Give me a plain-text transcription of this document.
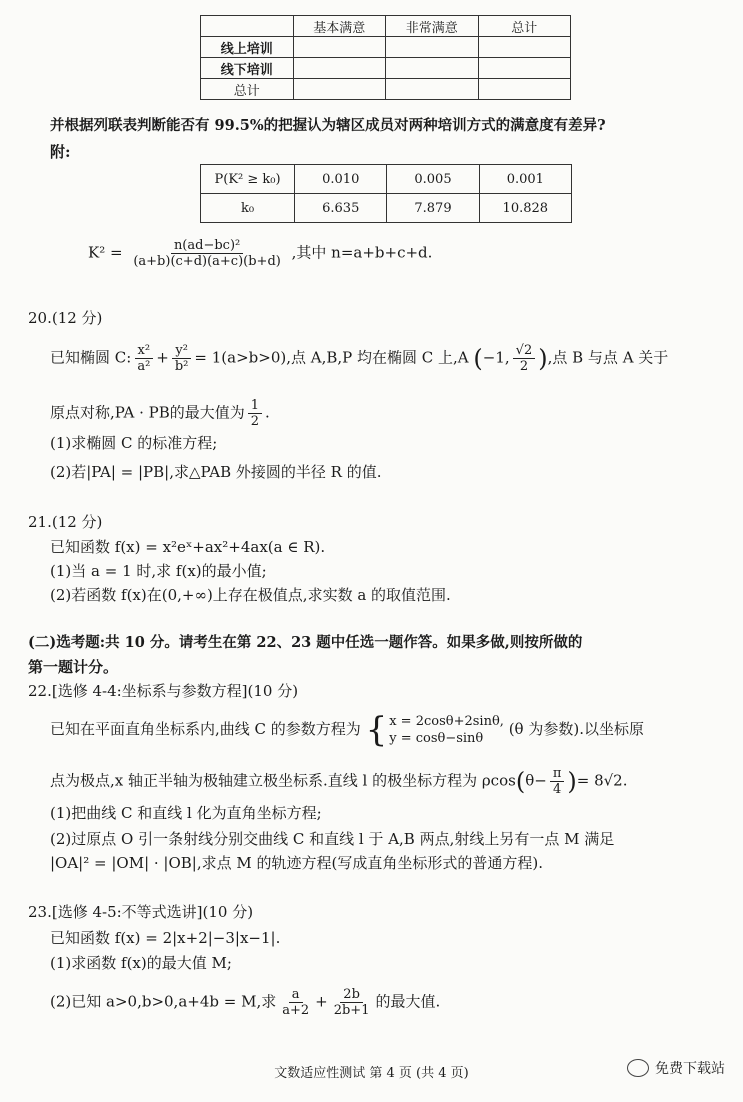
	基本满意	非常满意	总计
线上培训			
线下培训			
总计			
并根据列联表判断能否有 99.5%的把握认为辖区成员对两种培训方式的满意度有差异?
附:
P(K² ≥ k₀)	0.010	0.005	0.001
k₀	6.635	7.879	10.828
$K^2 = \frac{\text{n(ad−bc)²}}{(a+b)(c+d)(a+c)(b+d)}$ ,其中 n=a+b+c+d.
20.(12 分)
已知椭圆 C: $\frac{\text{x²}}{\text{a²}} + \frac{\text{y²}}{\text{b²}} = 1(a>b>0)$,点 A,B,P 均在椭圆 C 上,A (−1, $\frac{√2}{2}$ ),点 B 与点 A 关于
原点对称,PA · PB的最大值为 $\frac{1}{2}$ .
(1)求椭圆 C 的标准方程;
(2)若|PA| = |PB|,求△PAB 外接圆的半径 R 的值.
21.(12 分)
已知函数 f(x) = x²eˣ+ax²+4ax(a ∈ R).
(1)当 a = 1 时,求 f(x)的最小值;
(2)若函数 f(x)在(0,+∞)上存在极值点,求实数 a 的取值范围.
(二)选考题:共 10 分。请考生在第 22、23 题中任选一题作答。如果多做,则按所做的
第一题计分。
22.[选修 4-4:坐标系与参数方程](10 分)
已知在平面直角坐标系内,曲线 C 的参数方程为 { x = 2cosθ+2sinθ,
y = cosθ−sinθ
(θ 为参数).以坐标原
点为极点,x 轴正半轴为极轴建立极坐标系.直线 l 的极坐标方程为 $\rho\cos(\theta- \frac{\pi}{4}$ )= 8√2.
(1)把曲线 C 和直线 l 化为直角坐标方程;
(2)过原点 O 引一条射线分别交曲线 C 和直线 l 于 A,B 两点,射线上另有一点 M 满足
|OA|² = |OM| · |OB|,求点 M 的轨迹方程(写成直角坐标形式的普通方程).
23.[选修 4-5:不等式选讲](10 分)
已知函数 f(x) = 2|x+2|−3|x−1|.
(1)求函数 f(x)的最大值 M;
(2)已知 a>0,b>0,a+4b = M,求 $\frac{a}{a+2} + \frac{2b}{2b+1}$ 的最大值.
文数适应性测试 第 4 页 (共 4 页)	免费下载站
